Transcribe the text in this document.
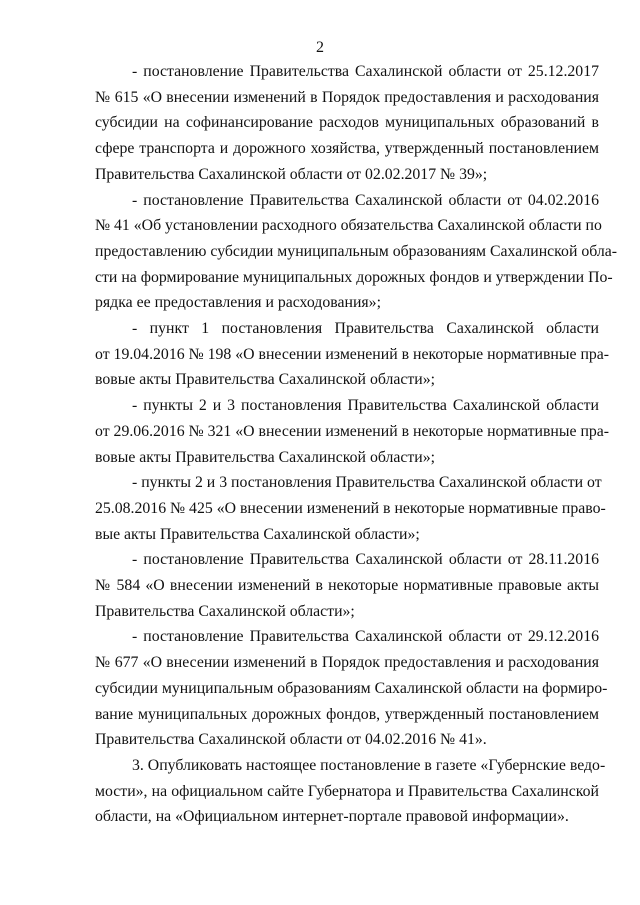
2

- постановление Правительства Сахалинской области от 25.12.2017
№ 615 «О внесении изменений в Порядок предоставления и расходования
субсидии на софинансирование расходов муниципальных образований в
сфере транспорта и дорожного хозяйства, утвержденный постановлением
Правительства Сахалинской области от 02.02.2017 № 39»;

- постановление Правительства Сахалинской области от 04.02.2016
№ 41 «Об установлении расходного обязательства Сахалинской области по
предоставлению субсидии муниципальным образованиям Сахалинской обла-
сти на формирование муниципальных дорожных фондов и утверждении По-
рядка ее предоставления и расходования»;

- пункт 1 постановления Правительства Сахалинской области
от 19.04.2016 № 198 «О внесении изменений в некоторые нормативные пра-
вовые акты Правительства Сахалинской области»;

- пункты 2 и 3 постановления Правительства Сахалинской области
от 29.06.2016 № 321 «О внесении изменений в некоторые нормативные пра-
вовые акты Правительства Сахалинской области»;

- пункты 2 и 3 постановления Правительства Сахалинской области от
25.08.2016 № 425 «О внесении изменений в некоторые нормативные право-
вые акты Правительства Сахалинской области»;

- постановление Правительства Сахалинской области от 28.11.2016
№ 584 «О внесении изменений в некоторые нормативные правовые акты
Правительства Сахалинской области»;

- постановление Правительства Сахалинской области от 29.12.2016
№ 677 «О внесении изменений в Порядок предоставления и расходования
субсидии муниципальным образованиям Сахалинской области на формиро-
вание муниципальных дорожных фондов, утвержденный постановлением
Правительства Сахалинской области от 04.02.2016 № 41».

3. Опубликовать настоящее постановление в газете «Губернские ведо-
мости», на официальном сайте Губернатора и Правительства Сахалинской
области, на «Официальном интернет-портале правовой информации».
